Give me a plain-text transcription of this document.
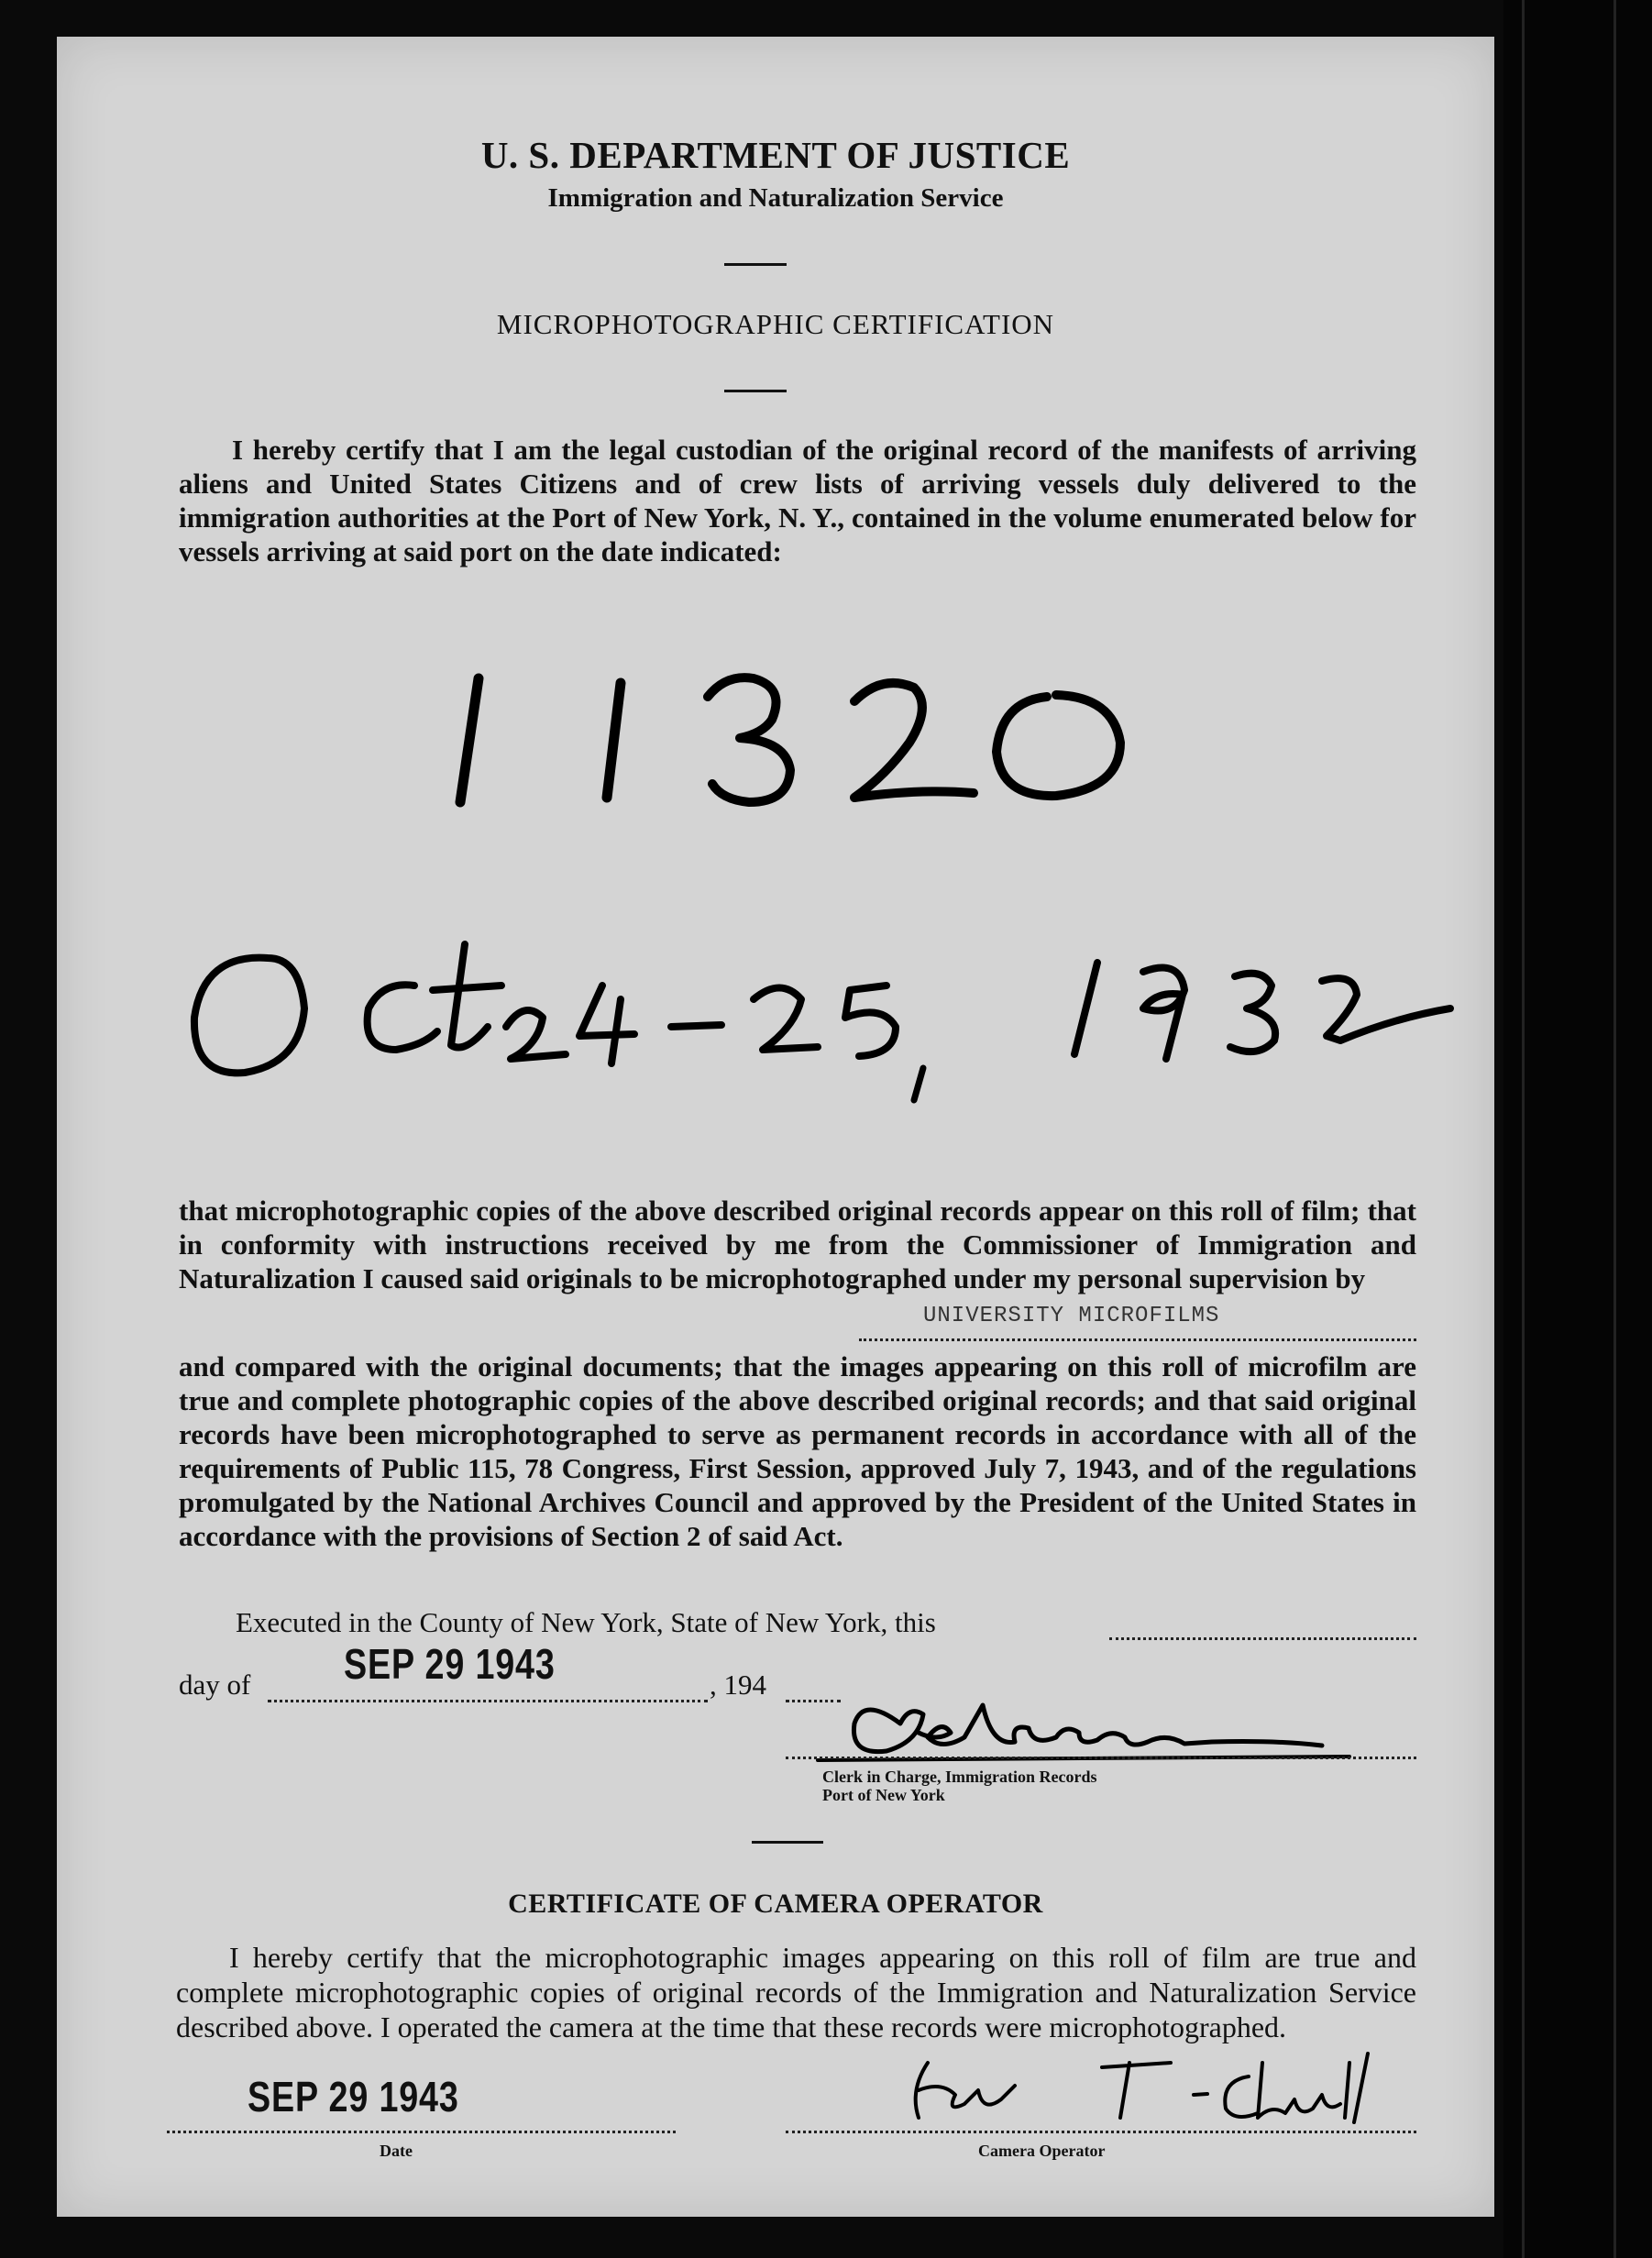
U. S. DEPARTMENT OF JUSTICE
Immigration and Naturalization Service
MICROPHOTOGRAPHIC CERTIFICATION
I hereby certify that I am the legal custodian of the original record of the manifests of arriving aliens and United States Citizens and of crew lists of arriving vessels duly delivered to the immigration authorities at the Port of New York, N. Y., contained in the volume enumerated below for vessels arriving at said port on the date indicated:
that microphotographic copies of the above described original records appear on this roll of film; that in conformity with instructions received by me from the Commissioner of Immigration and Naturalization I caused said originals to be microphotographed under my personal supervision by
UNIVERSITY MICROFILMS
and compared with the original documents; that the images appearing on this roll of microfilm are true and complete photographic copies of the above described original records; and that said original records have been microphotographed to serve as permanent records in accordance with all of the requirements of Public 115, 78 Congress, First Session, approved July 7, 1943, and of the regulations promulgated by the National Archives Council and approved by the President of the United States in accordance with the provisions of Section 2 of said Act.
Executed in the County of New York, State of New York, this
day of SEP 29 1943	, 194
Clerk in Charge, Immigration Records
Port of New York
CERTIFICATE OF CAMERA OPERATOR
I hereby certify that the microphotographic images appearing on this roll of film are true and complete microphotographic copies of original records of the Immigration and Naturalization Service described above. I operated the camera at the time that these records were microphotographed.
SEP 29 1943
Date	Camera Operator
